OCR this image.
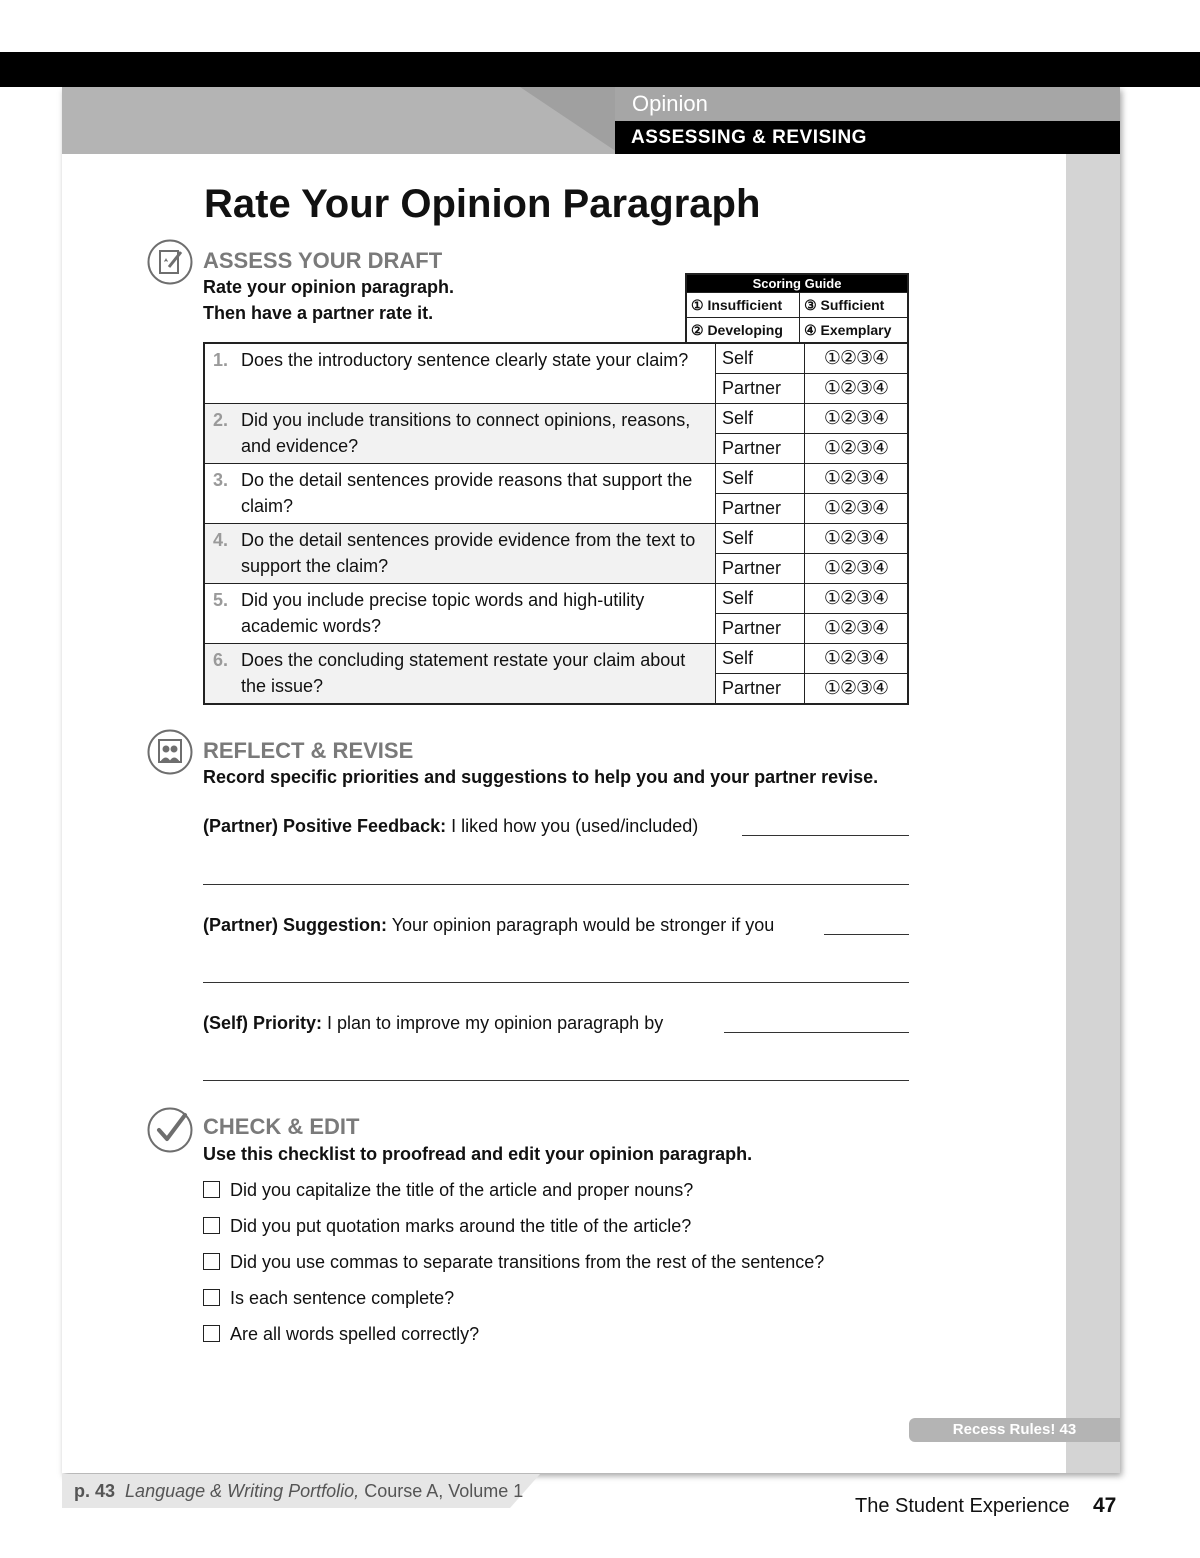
Opinion
ASSESSING & REVISING
Rate Your Opinion Paragraph
ASSESS YOUR DRAFT
Rate your opinion paragraph.
Then have a partner rate it.
Scoring Guide	
① Insufficient	③ Sufficient
② Developing	④ Exemplary
1. Does the introductory sentence clearly state your claim?	Self	①②③④
	Partner	①②③④
2. Did you include transitions to connect opinions, reasons, and evidence?	Self	①②③④
	Partner	①②③④
3. Do the detail sentences provide reasons that support the claim?	Self	①②③④
	Partner	①②③④
4. Do the detail sentences provide evidence from the text to support the claim?	Self	①②③④
	Partner	①②③④
5. Did you include precise topic words and high-utility academic words?	Self	①②③④
	Partner	①②③④
6. Does the concluding statement restate your claim about the issue?	Self	①②③④
	Partner	①②③④
REFLECT & REVISE
Record specific priorities and suggestions to help you and your partner revise.
(Partner) Positive Feedback: I liked how you (used/included)
(Partner) Suggestion: Your opinion paragraph would be stronger if you
(Self) Priority: I plan to improve my opinion paragraph by
CHECK & EDIT
Use this checklist to proofread and edit your opinion paragraph.
Did you capitalize the title of the article and proper nouns?
Did you put quotation marks around the title of the article?
Did you use commas to separate transitions from the rest of the sentence?
Is each sentence complete?
Are all words spelled correctly?
Recess Rules! 43
p. 43 Language & Writing Portfolio, Course A, Volume 1
The Student Experience 47
